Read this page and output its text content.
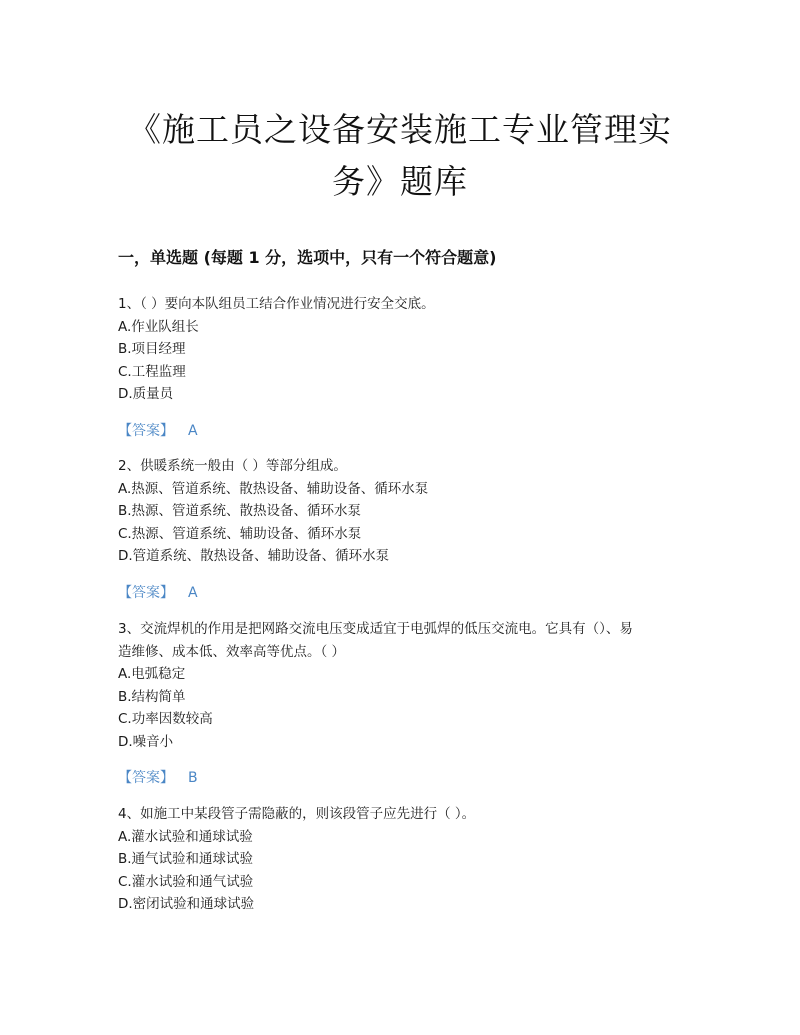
《施工员之设备安装施工专业管理实
务》题库
一，单选题 (每题 1 分，选项中，只有一个符合题意)

1、（ ）要向本队组员工结合作业情况进行安全交底。

A.作业队组长

B.项目经理

C.工程监理

D.质量员

【答案】 A

2、供暖系统一般由（ ）等部分组成。

A.热源、管道系统、散热设备、辅助设备、循环水泵

B.热源、管道系统、散热设备、循环水泵

C.热源、管道系统、辅助设备、循环水泵

D.管道系统、散热设备、辅助设备、循环水泵

【答案】 A

3、交流焊机的作用是把网路交流电压变成适宜于电弧焊的低压交流电。它具有（）、易

造维修、成本低、效率高等优点。（ ）

A.电弧稳定

B.结构简单

C.功率因数较高

D.噪音小

【答案】 B

4、如施工中某段管子需隐蔽的，则该段管子应先进行（ ）。

A.灌水试验和通球试验

B.通气试验和通球试验

C.灌水试验和通气试验

D.密闭试验和通球试验
